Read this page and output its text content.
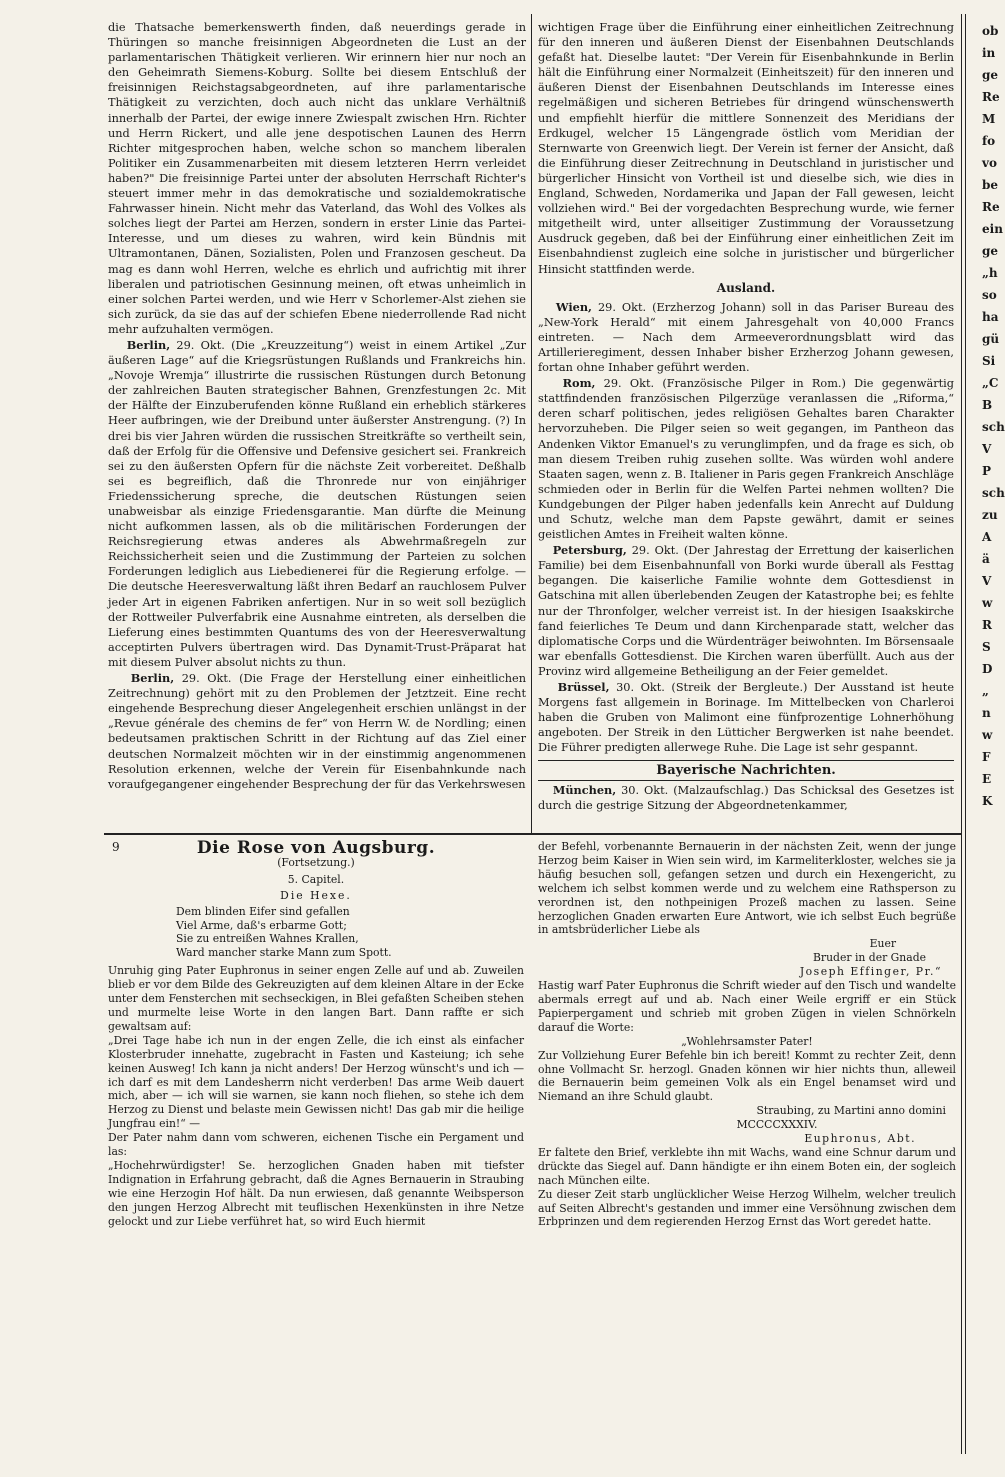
die Thatsache bemerkenswerth finden, daß neuerdings gerade in Thüringen so manche freisinnigen Abgeordneten die Lust an der parlamentarischen Thätigkeit verlieren. Wir erinnern hier nur noch an den Geheimrath Siemens-Koburg. Sollte bei diesem Entschluß der freisinnigen Reichstagsabgeordneten, auf ihre parlamentarische Thätigkeit zu verzichten, doch auch nicht das unklare Verhältniß innerhalb der Partei, der ewige innere Zwiespalt zwischen Hrn. Richter und Herrn Rickert, und alle jene despotischen Launen des Herrn Richter mitgesprochen haben, welche schon so manchem liberalen Politiker ein Zusammenarbeiten mit diesem letzteren Herrn verleidet haben?" Die freisinnige Partei unter der absoluten Herrschaft Richter's steuert immer mehr in das demokratische und sozialdemokratische Fahrwasser hinein. Nicht mehr das Vaterland, das Wohl des Volkes als solches liegt der Partei am Herzen, sondern in erster Linie das Partei-Interesse, und um dieses zu wahren, wird kein Bündnis mit Ultramontanen, Dänen, Sozialisten, Polen und Franzosen gescheut. Da mag es dann wohl Herren, welche es ehrlich und aufrichtig mit ihrer liberalen und patriotischen Gesinnung meinen, oft etwas unheimlich in einer solchen Partei werden, und wie Herr v Schorlemer-Alst ziehen sie sich zurück, da sie das auf der schiefen Ebene niederrollende Rad nicht mehr aufzuhalten vermögen.

Berlin, 29. Okt. (Die „Kreuzzeitung“) weist in einem Artikel „Zur äußeren Lage“ auf die Kriegsrüstungen Rußlands und Frankreichs hin. „Novoje Wremja“ illustrirte die russischen Rüstungen durch Betonung der zahlreichen Bauten strategischer Bahnen, Grenzfestungen 2c. Mit der Hälfte der Einzuberufenden könne Rußland ein erheblich stärkeres Heer aufbringen, wie der Dreibund unter äußerster Anstrengung. (?) In drei bis vier Jahren würden die russischen Streitkräfte so vertheilt sein, daß der Erfolg für die Offensive und Defensive gesichert sei. Frankreich sei zu den äußersten Opfern für die nächste Zeit vorbereitet. Deßhalb sei es begreiflich, daß die Thronrede nur von einjähriger Friedenssicherung spreche, die deutschen Rüstungen seien unabweisbar als einzige Friedensgarantie. Man dürfte die Meinung nicht aufkommen lassen, als ob die militärischen Forderungen der Reichsregierung etwas anderes als Abwehrmaßregeln zur Reichssicherheit seien und die Zustimmung der Parteien zu solchen Forderungen lediglich aus Liebedienerei für die Regierung erfolge. — Die deutsche Heeresverwaltung läßt ihren Bedarf an rauchlosem Pulver jeder Art in eigenen Fabriken anfertigen. Nur in so weit soll bezüglich der Rottweiler Pulverfabrik eine Ausnahme eintreten, als derselben die Lieferung eines bestimmten Quantums des von der Heeresverwaltung acceptirten Pulvers übertragen wird. Das Dynamit-Trust-Präparat hat mit diesem Pulver absolut nichts zu thun.

Berlin, 29. Okt. (Die Frage der Herstellung einer einheitlichen Zeitrechnung) gehört mit zu den Problemen der Jetztzeit. Eine recht eingehende Besprechung dieser Angelegenheit erschien unlängst in der „Revue générale des chemins de fer“ von Herrn W. de Nordling; einen bedeutsamen praktischen Schritt in der Richtung auf das Ziel einer deutschen Normalzeit möchten wir in der einstimmig angenommenen Resolution erkennen, welche der Verein für Eisenbahnkunde nach voraufgegangener eingehender Besprechung der für das Verkehrswesen

wichtigen Frage über die Einführung einer einheitlichen Zeitrechnung für den inneren und äußeren Dienst der Eisenbahnen Deutschlands gefaßt hat. Dieselbe lautet: "Der Verein für Eisenbahnkunde in Berlin hält die Einführung einer Normalzeit (Einheitszeit) für den inneren und äußeren Dienst der Eisenbahnen Deutschlands im Interesse eines regelmäßigen und sicheren Betriebes für dringend wünschenswerth und empfiehlt hierfür die mittlere Sonnenzeit des Meridians der Erdkugel, welcher 15 Längengrade östlich vom Meridian der Sternwarte von Greenwich liegt. Der Verein ist ferner der Ansicht, daß die Einführung dieser Zeitrechnung in Deutschland in juristischer und bürgerlicher Hinsicht von Vortheil ist und dieselbe sich, wie dies in England, Schweden, Nordamerika und Japan der Fall gewesen, leicht vollziehen wird." Bei der vorgedachten Besprechung wurde, wie ferner mitgetheilt wird, unter allseitiger Zustimmung der Voraussetzung Ausdruck gegeben, daß bei der Einführung einer einheitlichen Zeit im Eisenbahndienst zugleich eine solche in juristischer und bürgerlicher Hinsicht stattfinden werde.

Ausland.

Wien, 29. Okt. (Erzherzog Johann) soll in das Pariser Bureau des „New-York Herald“ mit einem Jahresgehalt von 40,000 Francs eintreten. — Nach dem Armeeverordnungsblatt wird das Artillerieregiment, dessen Inhaber bisher Erzherzog Johann gewesen, fortan ohne Inhaber geführt werden.

Rom, 29. Okt. (Französische Pilger in Rom.) Die gegenwärtig stattfindenden französischen Pilgerzüge veranlassen die „Riforma,“ deren scharf politischen, jedes religiösen Gehaltes baren Charakter hervorzuheben. Die Pilger seien so weit gegangen, im Pantheon das Andenken Viktor Emanuel's zu verunglimpfen, und da frage es sich, ob man diesem Treiben ruhig zusehen sollte. Was würden wohl andere Staaten sagen, wenn z. B. Italiener in Paris gegen Frankreich Anschläge schmieden oder in Berlin für die Welfen Partei nehmen wollten? Die Kundgebungen der Pilger haben jedenfalls kein Anrecht auf Duldung und Schutz, welche man dem Papste gewährt, damit er seines geistlichen Amtes in Freiheit walten könne.

Petersburg, 29. Okt. (Der Jahrestag der Errettung der kaiserlichen Familie) bei dem Eisenbahnunfall von Borki wurde überall als Festtag begangen. Die kaiserliche Familie wohnte dem Gottesdienst in Gatschina mit allen überlebenden Zeugen der Katastrophe bei; es fehlte nur der Thronfolger, welcher verreist ist. In der hiesigen Isaakskirche fand feierliches Te Deum und dann Kirchenparade statt, welcher das diplomatische Corps und die Würdenträger beiwohnten. Im Börsensaale war ebenfalls Gottesdienst. Die Kirchen waren überfüllt. Auch aus der Provinz wird allgemeine Betheiligung an der Feier gemeldet.

Brüssel, 30. Okt. (Streik der Bergleute.) Der Ausstand ist heute Morgens fast allgemein in Borinage. Im Mittelbecken von Charleroi haben die Gruben von Malimont eine fünfprozentige Lohnerhöhung angeboten. Der Streik in den Lütticher Bergwerken ist nahe beendet. Die Führer predigten allerwege Ruhe. Die Lage ist sehr gespannt.

Bayerische Nachrichten.

München, 30. Okt. (Malzaufschlag.) Das Schicksal des Gesetzes ist durch die gestrige Sitzung der Abgeordnetenkammer,

ob
in
ge
Re
M
fo
vo
be
Re
ein
ge
„h
so
ha
gü
Si
„C
B
sch
V
P
sch
zu
A
ä
V
w
R
S
D
„
n
w
F
E
K
9	Die Rose von Augsburg.
(Fortsetzung.)
5. Capitel.
Die Hexe.
Dem blinden Eifer sind gefallen
Viel Arme, daß's erbarme Gott;
Sie zu entreißen Wahnes Krallen,
Ward mancher starke Mann zum Spott.
Unruhig ging Pater Euphronus in seiner engen Zelle auf und ab. Zuweilen blieb er vor dem Bilde des Gekreuzigten auf dem kleinen Altare in der Ecke unter dem Fensterchen mit sechseckigen, in Blei gefaßten Scheiben stehen und murmelte leise Worte in den langen Bart. Dann raffte er sich gewaltsam auf:
„Drei Tage habe ich nun in der engen Zelle, die ich einst als einfacher Klosterbruder innehatte, zugebracht in Fasten und Kasteiung; ich sehe keinen Ausweg! Ich kann ja nicht anders! Der Herzog wünscht's und ich — ich darf es mit dem Landesherrn nicht verderben! Das arme Weib dauert mich, aber — ich will sie warnen, sie kann noch fliehen, so stehe ich dem Herzog zu Dienst und belaste mein Gewissen nicht! Das gab mir die heilige Jungfrau ein!“ —
Der Pater nahm dann vom schweren, eichenen Tische ein Pergament und las:
„Hochehrwürdigster! Se. herzoglichen Gnaden haben mit tiefster Indignation in Erfahrung gebracht, daß die Agnes Bernauerin in Straubing wie eine Herzogin Hof hält. Da nun erwiesen, daß genannte Weibsperson den jungen Herzog Albrecht mit teuflischen Hexenkünsten in ihre Netze gelockt und zur Liebe verführet hat, so wird Euch hiermit
der Befehl, vorbenannte Bernauerin in der nächsten Zeit, wenn der junge Herzog beim Kaiser in Wien sein wird, im Karmeliterkloster, welches sie ja häufig besuchen soll, gefangen setzen und durch ein Hexengericht, zu welchem ich selbst kommen werde und zu welchem eine Rathsperson zu verordnen ist, den nothpeinigen Prozeß machen zu lassen. Seine herzoglichen Gnaden erwarten Eure Antwort, wie ich selbst Euch begrüße in amtsbrüderlicher Liebe als
Euer
Bruder in der Gnade
Joseph Effinger, Pr.“
Hastig warf Pater Euphronus die Schrift wieder auf den Tisch und wandelte abermals erregt auf und ab. Nach einer Weile ergriff er ein Stück Papierpergament und schrieb mit groben Zügen in vielen Schnörkeln darauf die Worte:
„Wohlehrsamster Pater!
Zur Vollziehung Eurer Befehle bin ich bereit! Kommt zu rechter Zeit, denn ohne Vollmacht Sr. herzogl. Gnaden können wir hier nichts thun, alleweil die Bernauerin beim gemeinen Volk als ein Engel benamset wird und Niemand an ihre Schuld glaubt.
Straubing, zu Martini anno domini
MCCCCXXXIV.
Euphronus, Abt.
Er faltete den Brief, verklebte ihn mit Wachs, wand eine Schnur darum und drückte das Siegel auf. Dann händigte er ihn einem Boten ein, der sogleich nach München eilte.
Zu dieser Zeit starb unglücklicher Weise Herzog Wilhelm, welcher treulich auf Seiten Albrecht's gestanden und immer eine Versöhnung zwischen dem Erbprinzen und dem regierenden Herzog Ernst das Wort geredet hatte.
